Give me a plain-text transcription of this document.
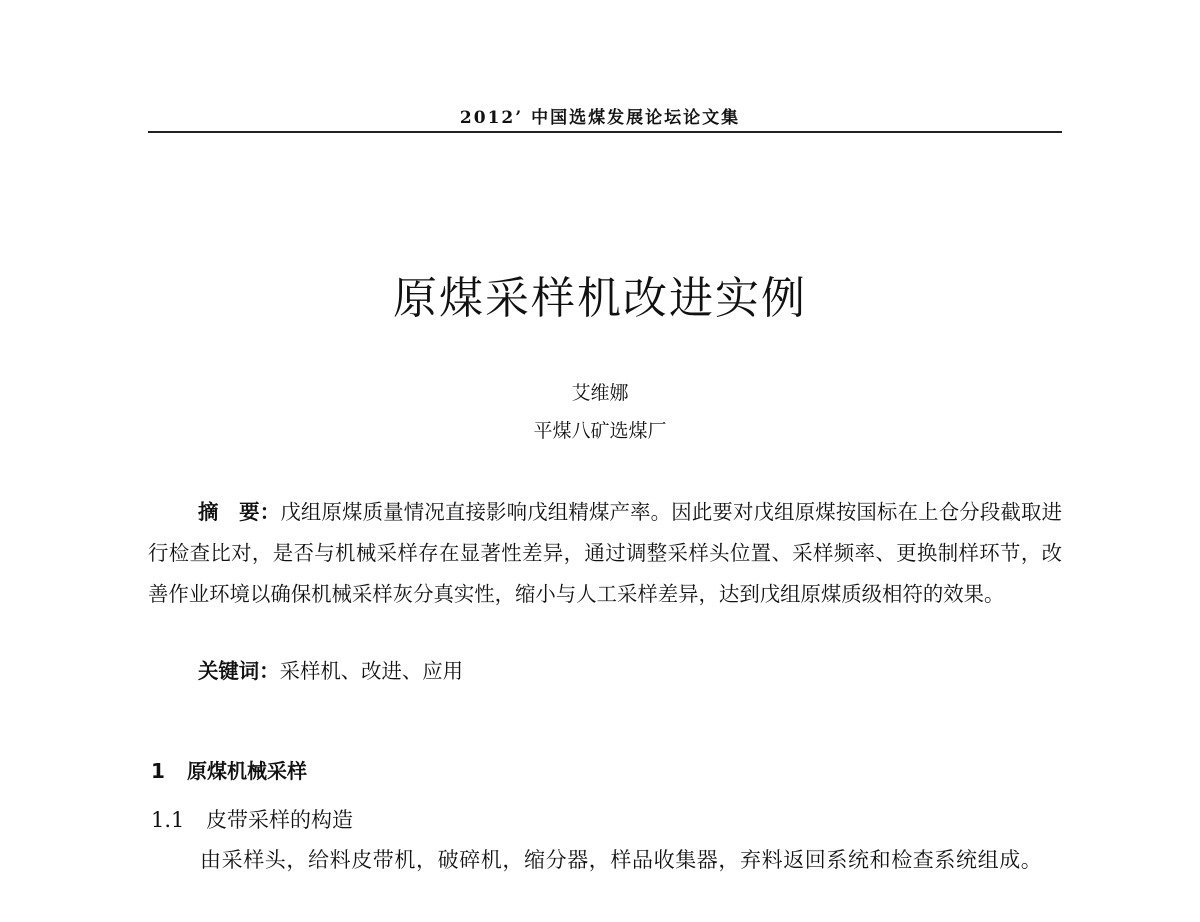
2012’ 中国选煤发展论坛论文集
原煤采样机改进实例
艾维娜
平煤八矿选煤厂

摘　要：戊组原煤质量情况直接影响戊组精煤产率。因此要对戊组原煤按国标在上仓分段截取进行检查比对，是否与机械采样存在显著性差异，通过调整采样头位置、采样频率、更换制样环节，改善作业环境以确保机械采样灰分真实性，缩小与人工采样差异，达到戊组原煤质级相符的效果。

关键词：采样机、改进、应用
1 原煤机械采样
1.1 皮带采样的构造

由采样头，给料皮带机，破碎机，缩分器，样品收集器，弃料返回系统和检查系统组成。
